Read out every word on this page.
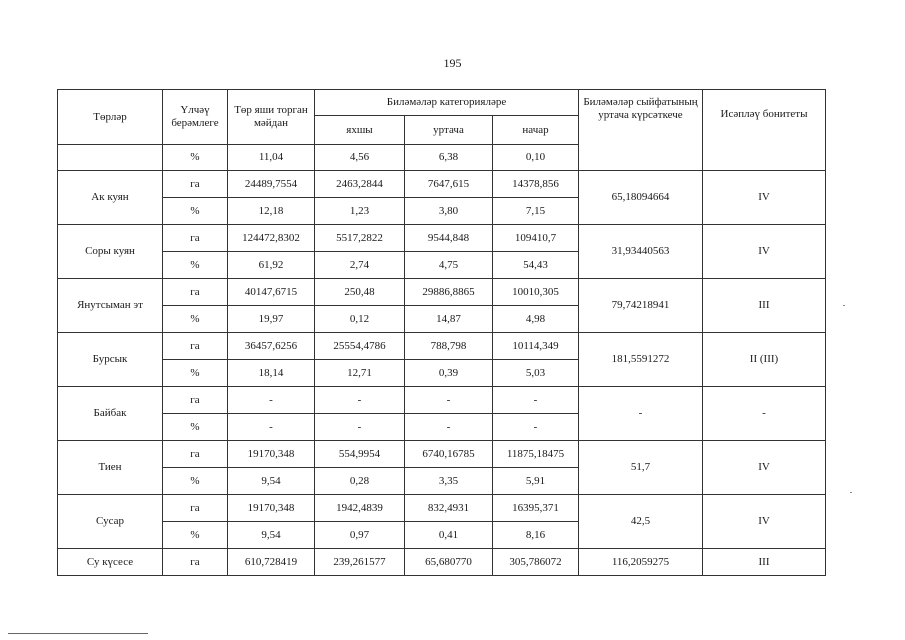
195
Төрләр	Үлчәү берәмлеге	Төр яши торган мәйдан	Биләмәләр категорияләре			Биләмәләр сыйфатының уртача күрсәткече	Исәпләү бонитеты
			яхшы	уртача	начар		
	%	11,04	4,56	6,38	0,10		
Ак куян	га	24489,7554	2463,2844	7647,615	14378,856	65,18094664	IV
	%	12,18	1,23	3,80	7,15		
Соры куян	га	124472,8302	5517,2822	9544,848	109410,7	31,93440563	IV
	%	61,92	2,74	4,75	54,43		
Янутсыман эт	га	40147,6715	250,48	29886,8865	10010,305	79,74218941	III
	%	19,97	0,12	14,87	4,98		
Бурсык	га	36457,6256	25554,4786	788,798	10114,349	181,5591272	II (III)
	%	18,14	12,71	0,39	5,03		
Байбак	га	-	-	-	-	-	-
	%	-	-	-	-		
Тиен	га	19170,348	554,9954	6740,16785	11875,18475	51,7	IV
	%	9,54	0,28	3,35	5,91		
Сусар	га	19170,348	1942,4839	832,4931	16395,371	42,5	IV
	%	9,54	0,97	0,41	8,16		
Су күсесе	га	610,728419	239,261577	65,680770	305,786072	116,2059275	III
